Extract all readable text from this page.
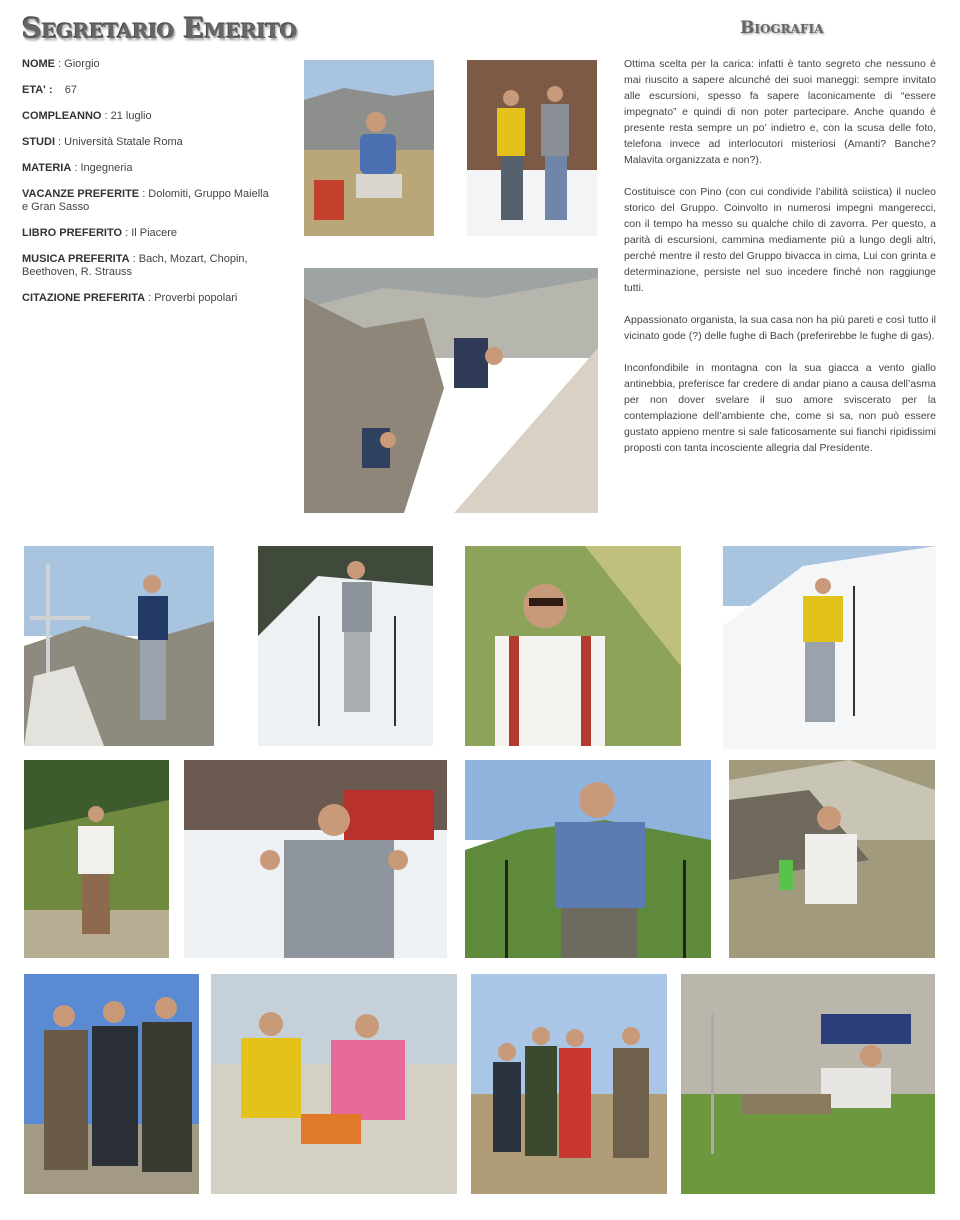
Segretario Emerito	Biografia
NOME : Giorgio
ETA' :    67
COMPLEANNO : 21 luglio
STUDI : Università Statale Roma
MATERIA : Ingegneria
VACANZE PREFERITE : Dolomiti, Gruppo Maiella e Gran Sasso
LIBRO PREFERITO : Il Piacere
MUSICA PREFERITA : Bach, Mozart, Chopin, Beethoven, R. Strauss
CITAZIONE PREFERITA : Proverbi popolari

Ottima scelta per la carica: infatti è tanto segreto che nessuno è mai riuscito a sapere alcunché dei suoi maneggi: sempre invitato alle escursioni, spesso fa sapere laconicamente di “essere impegnato” e quindi di non poter partecipare. Anche quando è presente resta sempre un po’ indietro e, con la scusa delle foto, telefona invece ad interlocutori misteriosi (Amanti? Banche? Malavita organizzata e non?).

Costituisce con Pino (con cui condivide l’abilità sciistica) il nucleo storico del Gruppo. Coinvolto in numerosi impegni mangerecci, con il tempo ha messo su qualche chilo di zavorra. Per questo, a parità di escursioni, cammina mediamente più a lungo degli altri, perché mentre il resto del Gruppo bivacca in cima, Lui con grinta e determinazione, persiste nel suo incedere finché non raggiunge tutti.

Appassionato organista, la sua casa non ha più pareti e così tutto il vicinato gode (?) delle fughe di Bach (preferirebbe le fughe di gas).

Inconfondibile in montagna con la sua giacca a vento giallo antinebbia, preferisce far credere di andar piano a causa dell’asma per non dover svelare il suo amore sviscerato per la contemplazione dell’ambiente che, come si sa, non può essere gustato appieno mentre si sale faticosamente sui fianchi ripidissimi proposti con tanta incosciente allegria dal Presidente.
